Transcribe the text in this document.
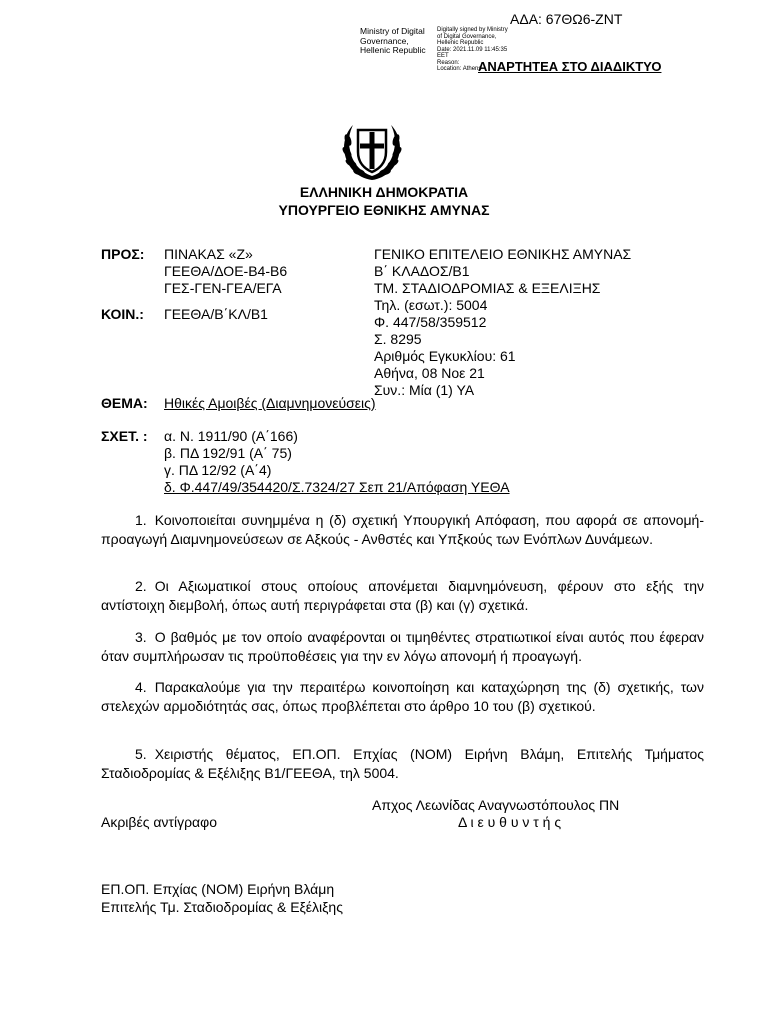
ΑΔΑ: 67ΘΩ6-ΖΝΤ
Ministry of Digital
Governance,
Hellenic Republic
Digitally signed by Ministry
of Digital Governance,
Hellenic Republic
Date: 2021.11.09 11:45:35
EET
Reason:
Location: Athens
ΑΝΑΡΤΗΤΕΑ ΣΤΟ ΔΙΑΔΙΚΤΥΟ
ΕΛΛΗΝΙΚΗ ΔΗΜΟΚΡΑΤΙΑ
ΥΠΟΥΡΓΕΙΟ ΕΘΝΙΚΗΣ ΑΜΥΝΑΣ
ΠΡΟΣ: ΠΙΝΑΚΑΣ «Ζ»
ΓΕΕΘΑ/ΔΟΕ-Β4-Β6
ΓΕΣ-ΓΕΝ-ΓΕΑ/ΕΓΑ
ΚΟΙΝ.: ΓΕΕΘΑ/Β΄ΚΛ/Β1
ΓΕΝΙΚΟ ΕΠΙΤΕΛΕΙΟ ΕΘΝΙΚΗΣ ΑΜΥΝΑΣ
Β΄ ΚΛΑΔΟΣ/Β1
ΤΜ. ΣΤΑΔΙΟΔΡΟΜΙΑΣ & ΕΞΕΛΙΞΗΣ
Τηλ. (εσωτ.): 5004
Φ. 447/58/359512
Σ. 8295
Αριθμός Εγκυκλίου: 61
Αθήνα, 08 Νοε 21
Συν.: Μία (1) ΥΑ
ΘΕΜΑ: Ηθικές Αμοιβές (Διαμνημονεύσεις)
ΣΧΕΤ. : α. Ν. 1911/90 (Α΄166)
β. ΠΔ 192/91 (Α΄ 75)
γ. ΠΔ 12/92 (Α΄4)
δ. Φ.447/49/354420/Σ.7324/27 Σεπ 21/Απόφαση ΥΕΘΑ
1. Κοινοποιείται συνημμένα η (δ) σχετική Υπουργική Απόφαση, που αφορά σε απονομή-προαγωγή Διαμνημονεύσεων σε Αξκούς - Ανθστές και Υπξκούς των Ενόπλων Δυνάμεων.
2. Οι Αξιωματικοί στους οποίους απονέμεται διαμνημόνευση, φέρουν στο εξής την αντίστοιχη διεμβολή, όπως αυτή περιγράφεται στα (β) και (γ) σχετικά.
3. Ο βαθμός με τον οποίο αναφέρονται οι τιμηθέντες στρατιωτικοί είναι αυτός που έφεραν όταν συμπλήρωσαν τις προϋποθέσεις για την εν λόγω απονομή ή προαγωγή.
4. Παρακαλούμε για την περαιτέρω κοινοποίηση και καταχώρηση της (δ) σχετικής, των στελεχών αρμοδιότητάς σας, όπως προβλέπεται στο άρθρο 10 του (β) σχετικού.
5. Χειριστής θέματος, ΕΠ.ΟΠ. Επχίας (ΝΟΜ) Ειρήνη Βλάμη, Επιτελής Τμήματος Σταδιοδρομίας & Εξέλιξης Β1/ΓΕΕΘΑ, τηλ 5004.
Απχος Λεωνίδας Αναγνωστόπουλος ΠΝ
Ακριβές αντίγραφο	Δ ι ε υ θ υ ν τ ή ς
ΕΠ.ΟΠ. Επχίας (ΝΟΜ) Ειρήνη Βλάμη
Επιτελής Τμ. Σταδιοδρομίας & Εξέλιξης
